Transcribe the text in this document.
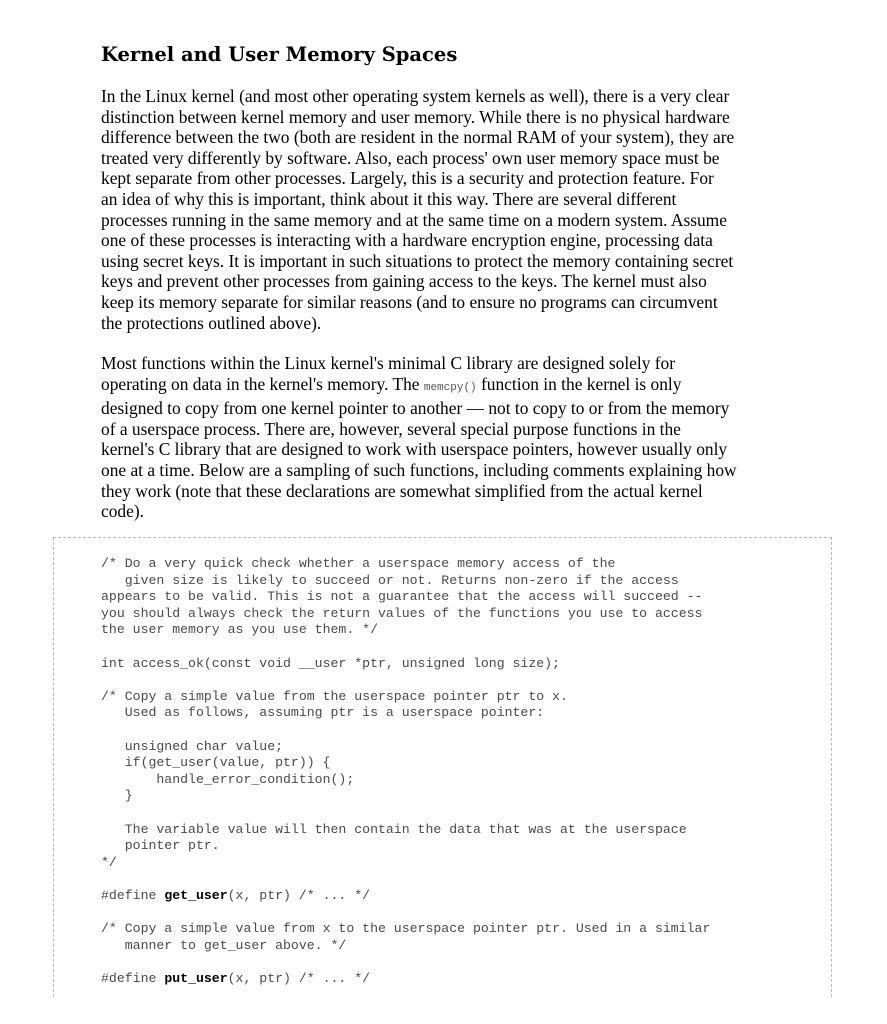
Kernel and User Memory Spaces

In the Linux kernel (and most other operating system kernels as well), there is a very clear
distinction between kernel memory and user memory. While there is no physical hardware
difference between the two (both are resident in the normal RAM of your system), they are
treated very differently by software. Also, each process' own user memory space must be
kept separate from other processes. Largely, this is a security and protection feature. For
an idea of why this is important, think about it this way. There are several different
processes running in the same memory and at the same time on a modern system. Assume
one of these processes is interacting with a hardware encryption engine, processing data
using secret keys. It is important in such situations to protect the memory containing secret
keys and prevent other processes from gaining access to the keys. The kernel must also
keep its memory separate for similar reasons (and to ensure no programs can circumvent
the protections outlined above).

Most functions within the Linux kernel's minimal C library are designed solely for
operating on data in the kernel's memory. The memcpy() function in the kernel is only
designed to copy from one kernel pointer to another — not to copy to or from the memory
of a userspace process. There are, however, several special purpose functions in the
kernel's C library that are designed to work with userspace pointers, however usually only
one at a time. Below are a sampling of such functions, including comments explaining how
they work (note that these declarations are somewhat simplified from the actual kernel
code).

/* Do a very quick check whether a userspace memory access of the
given size is likely to succeed or not. Returns non-zero if the access
appears to be valid. This is not a guarantee that the access will succeed --
you should always check the return values of the functions you use to access
the user memory as you use them. */
int access_ok(const void __user *ptr, unsigned long size);
/* Copy a simple value from the userspace pointer ptr to x.
Used as follows, assuming ptr is a userspace pointer:
unsigned char value;
if(get_user(value, ptr)) {
handle_error_condition();
}
The variable value will then contain the data that was at the userspace
pointer ptr.
*/
#define get_user(x, ptr) /* ... */
/* Copy a simple value from x to the userspace pointer ptr. Used in a similar
manner to get_user above. */
#define put_user(x, ptr) /* ... */
